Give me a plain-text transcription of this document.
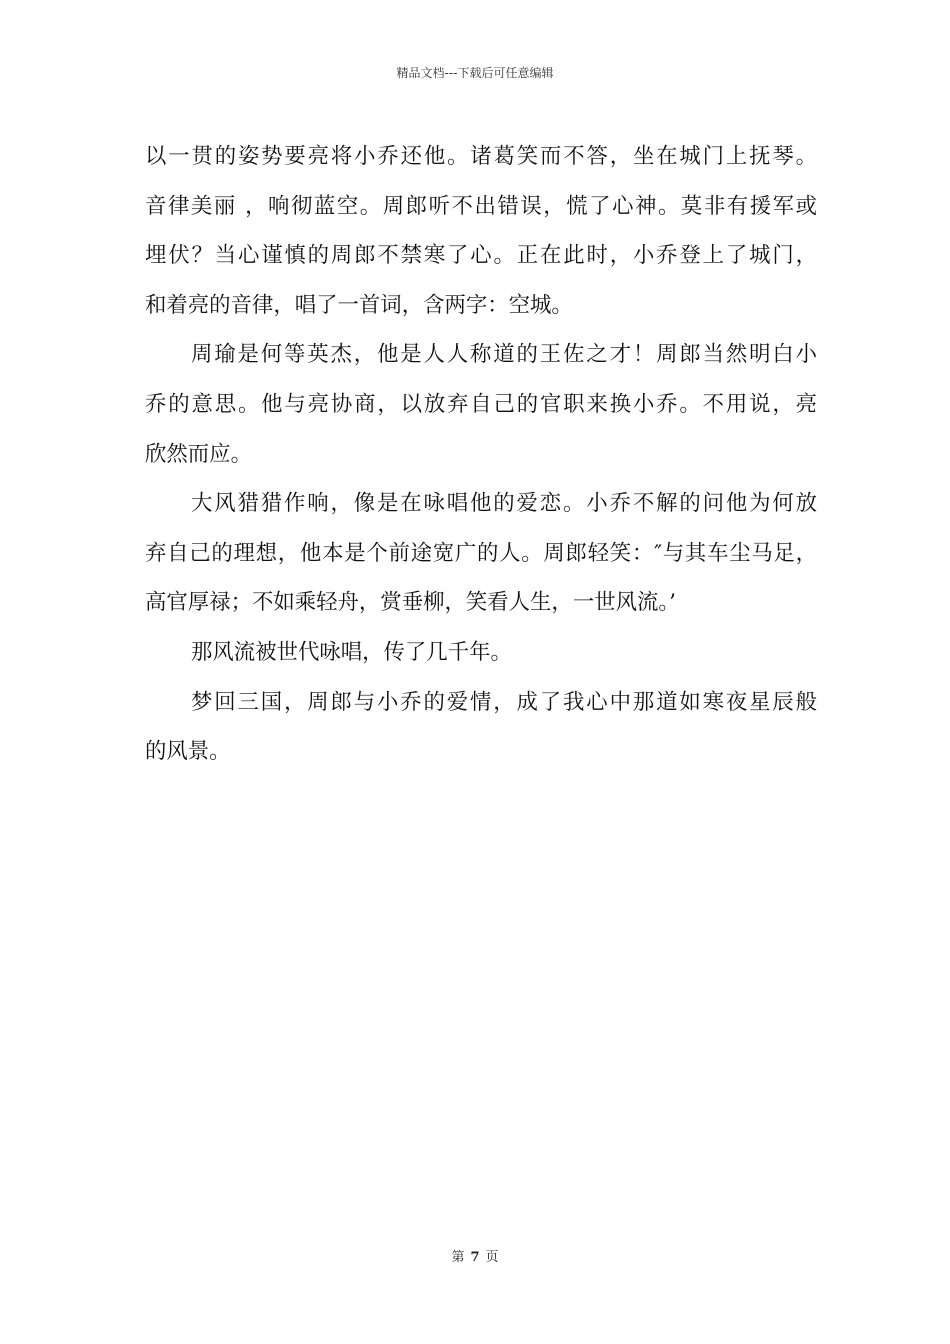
精品文档---下载后可任意编辑
以一贯的姿势要亮将小乔还他。诸葛笑而不答，坐在城门上抚琴。
音律美丽 ，响彻蓝空。周郎听不出错误，慌了心神。莫非有援军或
埋伏？当心谨慎的周郎不禁寒了心。正在此时，小乔登上了城门，
和着亮的音律，唱了一首词，含两字：空城。
周瑜是何等英杰，他是人人称道的王佐之才！周郎当然明白小
乔的意思。他与亮协商，以放弃自己的官职来换小乔。不用说，亮
欣然而应。
大风猎猎作响，像是在咏唱他的爱恋。小乔不解的问他为何放
弃自己的理想，他本是个前途宽广的人。周郎轻笑：″与其车尘马足，
高官厚禄；不如乘轻舟，赏垂柳，笑看人生，一世风流。’
那风流被世代咏唱，传了几千年。
梦回三国，周郎与小乔的爱情，成了我心中那道如寒夜星辰般
的风景。
第 7 页
